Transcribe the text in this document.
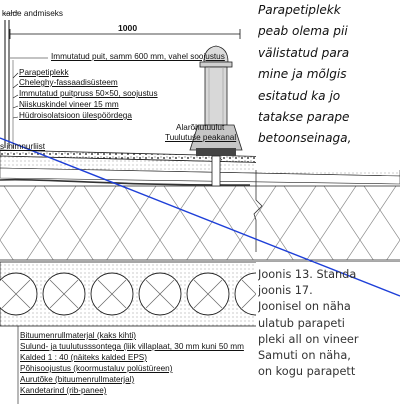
kalde andmiseks

1000

Immutatud puit, samm 600 mm, vahel soojustus

Parapetiplekk

Cheleghy-fassaadisüsteem

Immutatud puitpruss 50×50, soojustus

Niiskuskindel vineer 15 mm

Hüdroisolatsioon ülespöördega

Alarõhutuulut

Tuulutuse peakanal

s inimnurliist

Bituumenrullmaterjal (kaks kihti)

Sulund- ja tuulutusssontega (liik villaplaat, 30 mm kuni 50 mm

Kalded 1 : 40 (näiteks kalded EPS)

Põhisoojustus (koormustaluv polüstüreen)

Aurutõke (bituumenrullmaterjal)

Kandetarind (rib-panee)

Parapetiplekk
peab olema pii
välistatud para
mine ja mõlgis
esitatud ka jo
tatakse parape
betoonseinaga,
Joonis 13. Standa
joonis 17.
Joonisel on näha
ulatub parapeti
pleki all on vineer
Samuti on näha,
on kogu parapett
